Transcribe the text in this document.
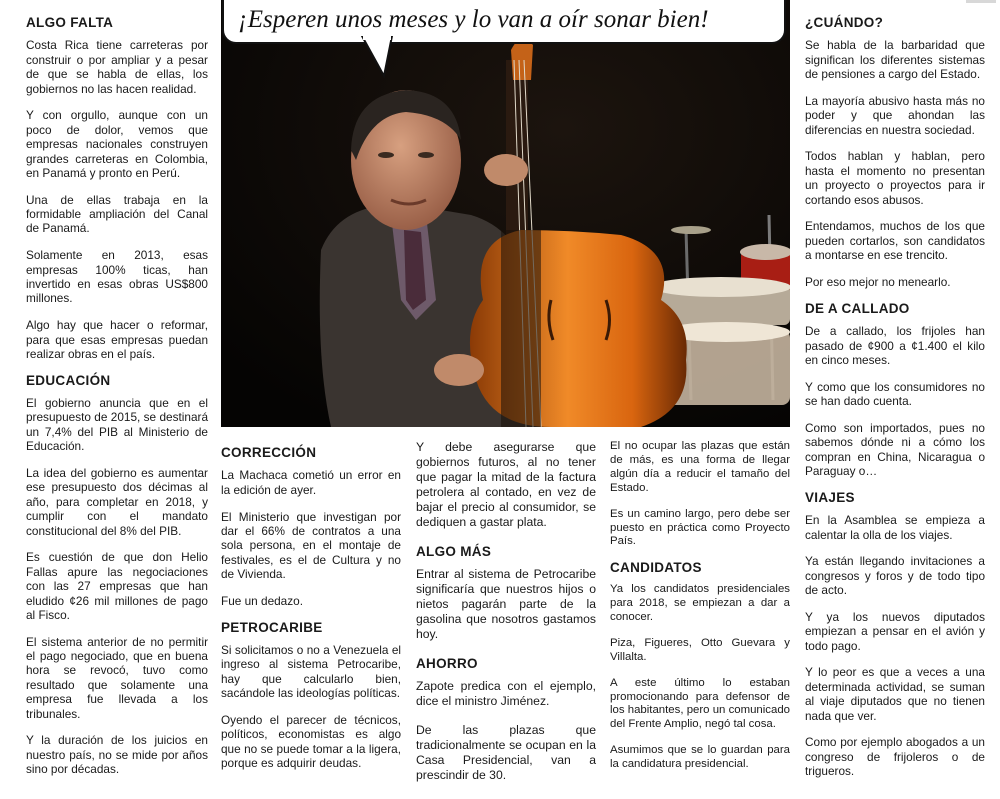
¡Esperen unos meses y lo van a oír sonar bien!
ALGO FALTA

Costa Rica tiene carreteras por construir o por ampliar y a pesar de que se habla de ellas, los gobiernos no las hacen realidad.

Y con orgullo, aunque con un poco de dolor, vemos que empresas nacionales construyen grandes carreteras en Colombia, en Panamá y pronto en Perú.

Una de ellas trabaja en la formidable ampliación del Canal de Panamá.

Solamente en 2013, esas empresas 100% ticas, han invertido en esas obras US$800 millones.

Algo hay que hacer o reformar, para que esas empresas puedan realizar obras en el país.

EDUCACIÓN

El gobierno anuncia que en el presupuesto de 2015, se destinará un 7,4% del PIB al Ministerio de Educación.

La idea del gobierno es aumentar ese presupuesto dos décimas al año, para completar en 2018, y cumplir con el mandato constitucional del 8% del PIB.

Es cuestión de que don Helio Fallas apure las negociaciones con las 27 empresas que han eludido ¢26 mil millones de pago al Fisco.

El sistema anterior de no permitir el pago negociado, que en buena hora se revocó, tuvo como resultado que solamente una empresa fue llevada a los tribunales.

Y la duración de los juicios en nuestro país, no se mide por años sino por décadas.

CORRECCIÓN

La Machaca cometió un error en la edición de ayer.

El Ministerio que investigan por dar el 66% de contratos a una sola persona, en el montaje de festivales, es el de Cultura y no de Vivienda.

Fue un dedazo.

PETROCARIBE

Si solicitamos o no a Venezuela el ingreso al sistema Petrocaribe, hay que calcularlo bien, sacándole las ideologías políticas.

Oyendo el parecer de técnicos, políticos, economistas es algo que no se puede tomar a la ligera, porque es adquirir deudas.

Y debe asegurarse que gobiernos futuros, al no tener que pagar la mitad de la factura petrolera al contado, en vez de bajar el precio al consumidor, se dediquen a gastar plata.

ALGO MÁS

Entrar al sistema de Petrocaribe significaría que nuestros hijos o nietos pagarán parte de la gasolina que nosotros gastamos hoy.

AHORRO

Zapote predica con el ejemplo, dice el ministro Jiménez.

De las plazas que tradicionalmente se ocupan en la Casa Presidencial, van a prescindir de 30.

El no ocupar las plazas que están de más, es una forma de llegar algún día a reducir el tamaño del Estado.

Es un camino largo, pero debe ser puesto en práctica como Proyecto País.

CANDIDATOS

Ya los candidatos presidenciales para 2018, se empiezan a dar a conocer.

Piza, Figueres, Otto Guevara y Villalta.

A este último lo estaban promocionando para defensor de los habitantes, pero un comunicado del Frente Amplio, negó tal cosa.

Asumimos que se lo guardan para la candidatura presidencial.

¿CUÁNDO?

Se habla de la barbaridad que significan los diferentes sistemas de pensiones a cargo del Estado.

La mayoría abusivo hasta más no poder y que ahondan las diferencias en nuestra sociedad.

Todos hablan y hablan, pero hasta el momento no presentan un proyecto o proyectos para ir cortando esos abusos.

Entendamos, muchos de los que pueden cortarlos, son candidatos a montarse en ese trencito.

Por eso mejor no menearlo.

DE A CALLADO

De a callado, los frijoles han pasado de ¢900 a ¢1.400 el kilo en cinco meses.

Y como que los consumidores no se han dado cuenta.

Como son importados, pues no sabemos dónde ni a cómo los compran en China, Nicaragua o Paraguay o…

VIAJES

En la Asamblea se empieza a calentar la olla de los viajes.

Ya están llegando invitaciones a congresos y foros y de todo tipo de acto.

Y ya los nuevos diputados empiezan a pensar en el avión y todo pago.

Y lo peor es que a veces a una determinada actividad, se suman al viaje diputados que no tienen nada que ver.

Como por ejemplo abogados a un congreso de frijoleros o de trigueros.
